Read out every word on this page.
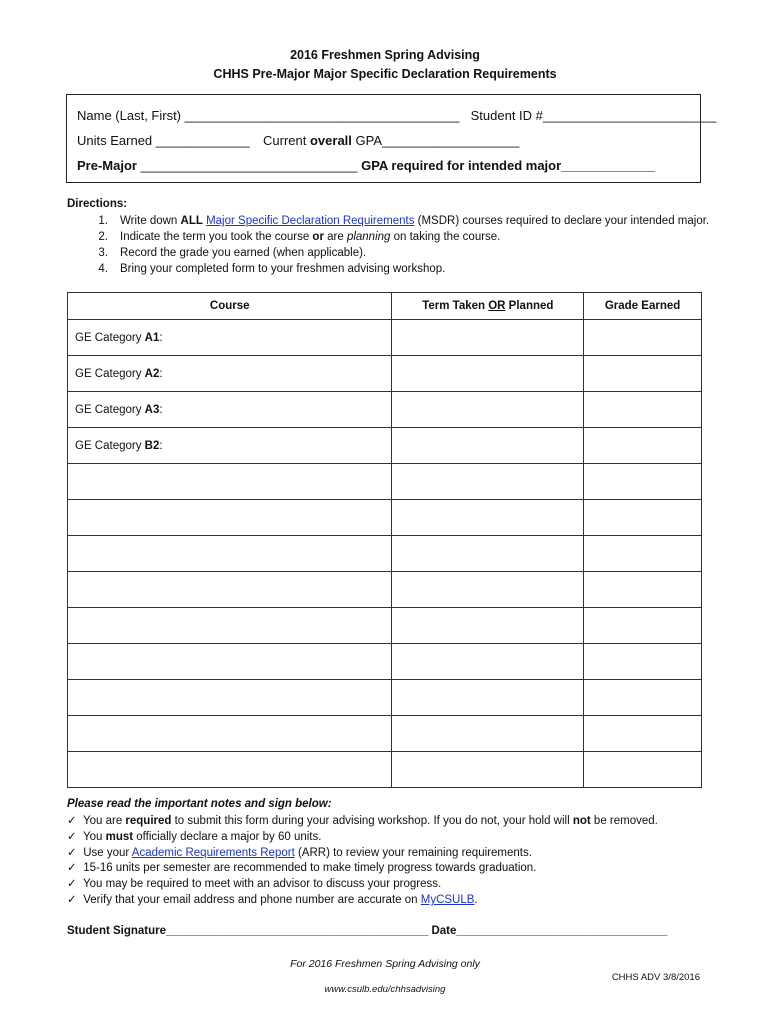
2016 Freshmen Spring Advising
CHHS Pre-Major Major Specific Declaration Requirements
Name (Last, First) ______________________________________ Student ID #________________________
Units Earned _____________ Current overall GPA___________________
Pre-Major ______________________________ GPA required for intended major_____________
Directions:
1. Write down ALL Major Specific Declaration Requirements (MSDR) courses required to declare your intended major.
2. Indicate the term you took the course or are planning on taking the course.
3. Record the grade you earned (when applicable).
4. Bring your completed form to your freshmen advising workshop.
Course	Term Taken OR Planned	Grade Earned
GE Category A1:		
GE Category A2:		
GE Category A3:		
GE Category B2:		

Please read the important notes and sign below:
✓ You are required to submit this form during your advising workshop. If you do not, your hold will not be removed.
✓ You must officially declare a major by 60 units.
✓ Use your Academic Requirements Report (ARR) to review your remaining requirements.
✓ 15-16 units per semester are recommended to make timely progress towards graduation.
✓ You may be required to meet with an advisor to discuss your progress.
✓ Verify that your email address and phone number are accurate on MyCSULB.
Student Signature_________________________________________ Date_________________________________
For 2016 Freshmen Spring Advising only
CHHS ADV 3/8/2016
www.csulb.edu/chhsadvising
